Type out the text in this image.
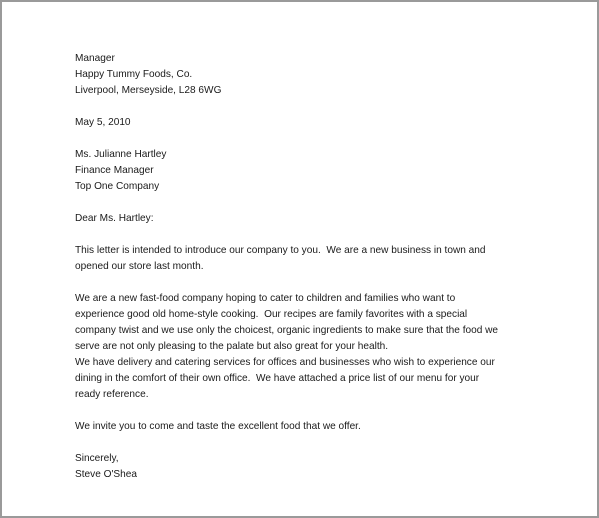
Manager
Happy Tummy Foods, Co.
Liverpool, Merseyside, L28 6WG
May 5, 2010
Ms. Julianne Hartley
Finance Manager
Top One Company
Dear Ms. Hartley:
This letter is intended to introduce our company to you.  We are a new business in town and
opened our store last month.
We are a new fast-food company hoping to cater to children and families who want to
experience good old home-style cooking.  Our recipes are family favorites with a special
company twist and we use only the choicest, organic ingredients to make sure that the food we
serve are not only pleasing to the palate but also great for your health.
We have delivery and catering services for offices and businesses who wish to experience our
dining in the comfort of their own office.  We have attached a price list of our menu for your
ready reference.
We invite you to come and taste the excellent food that we offer.
Sincerely,
Steve O'Shea
